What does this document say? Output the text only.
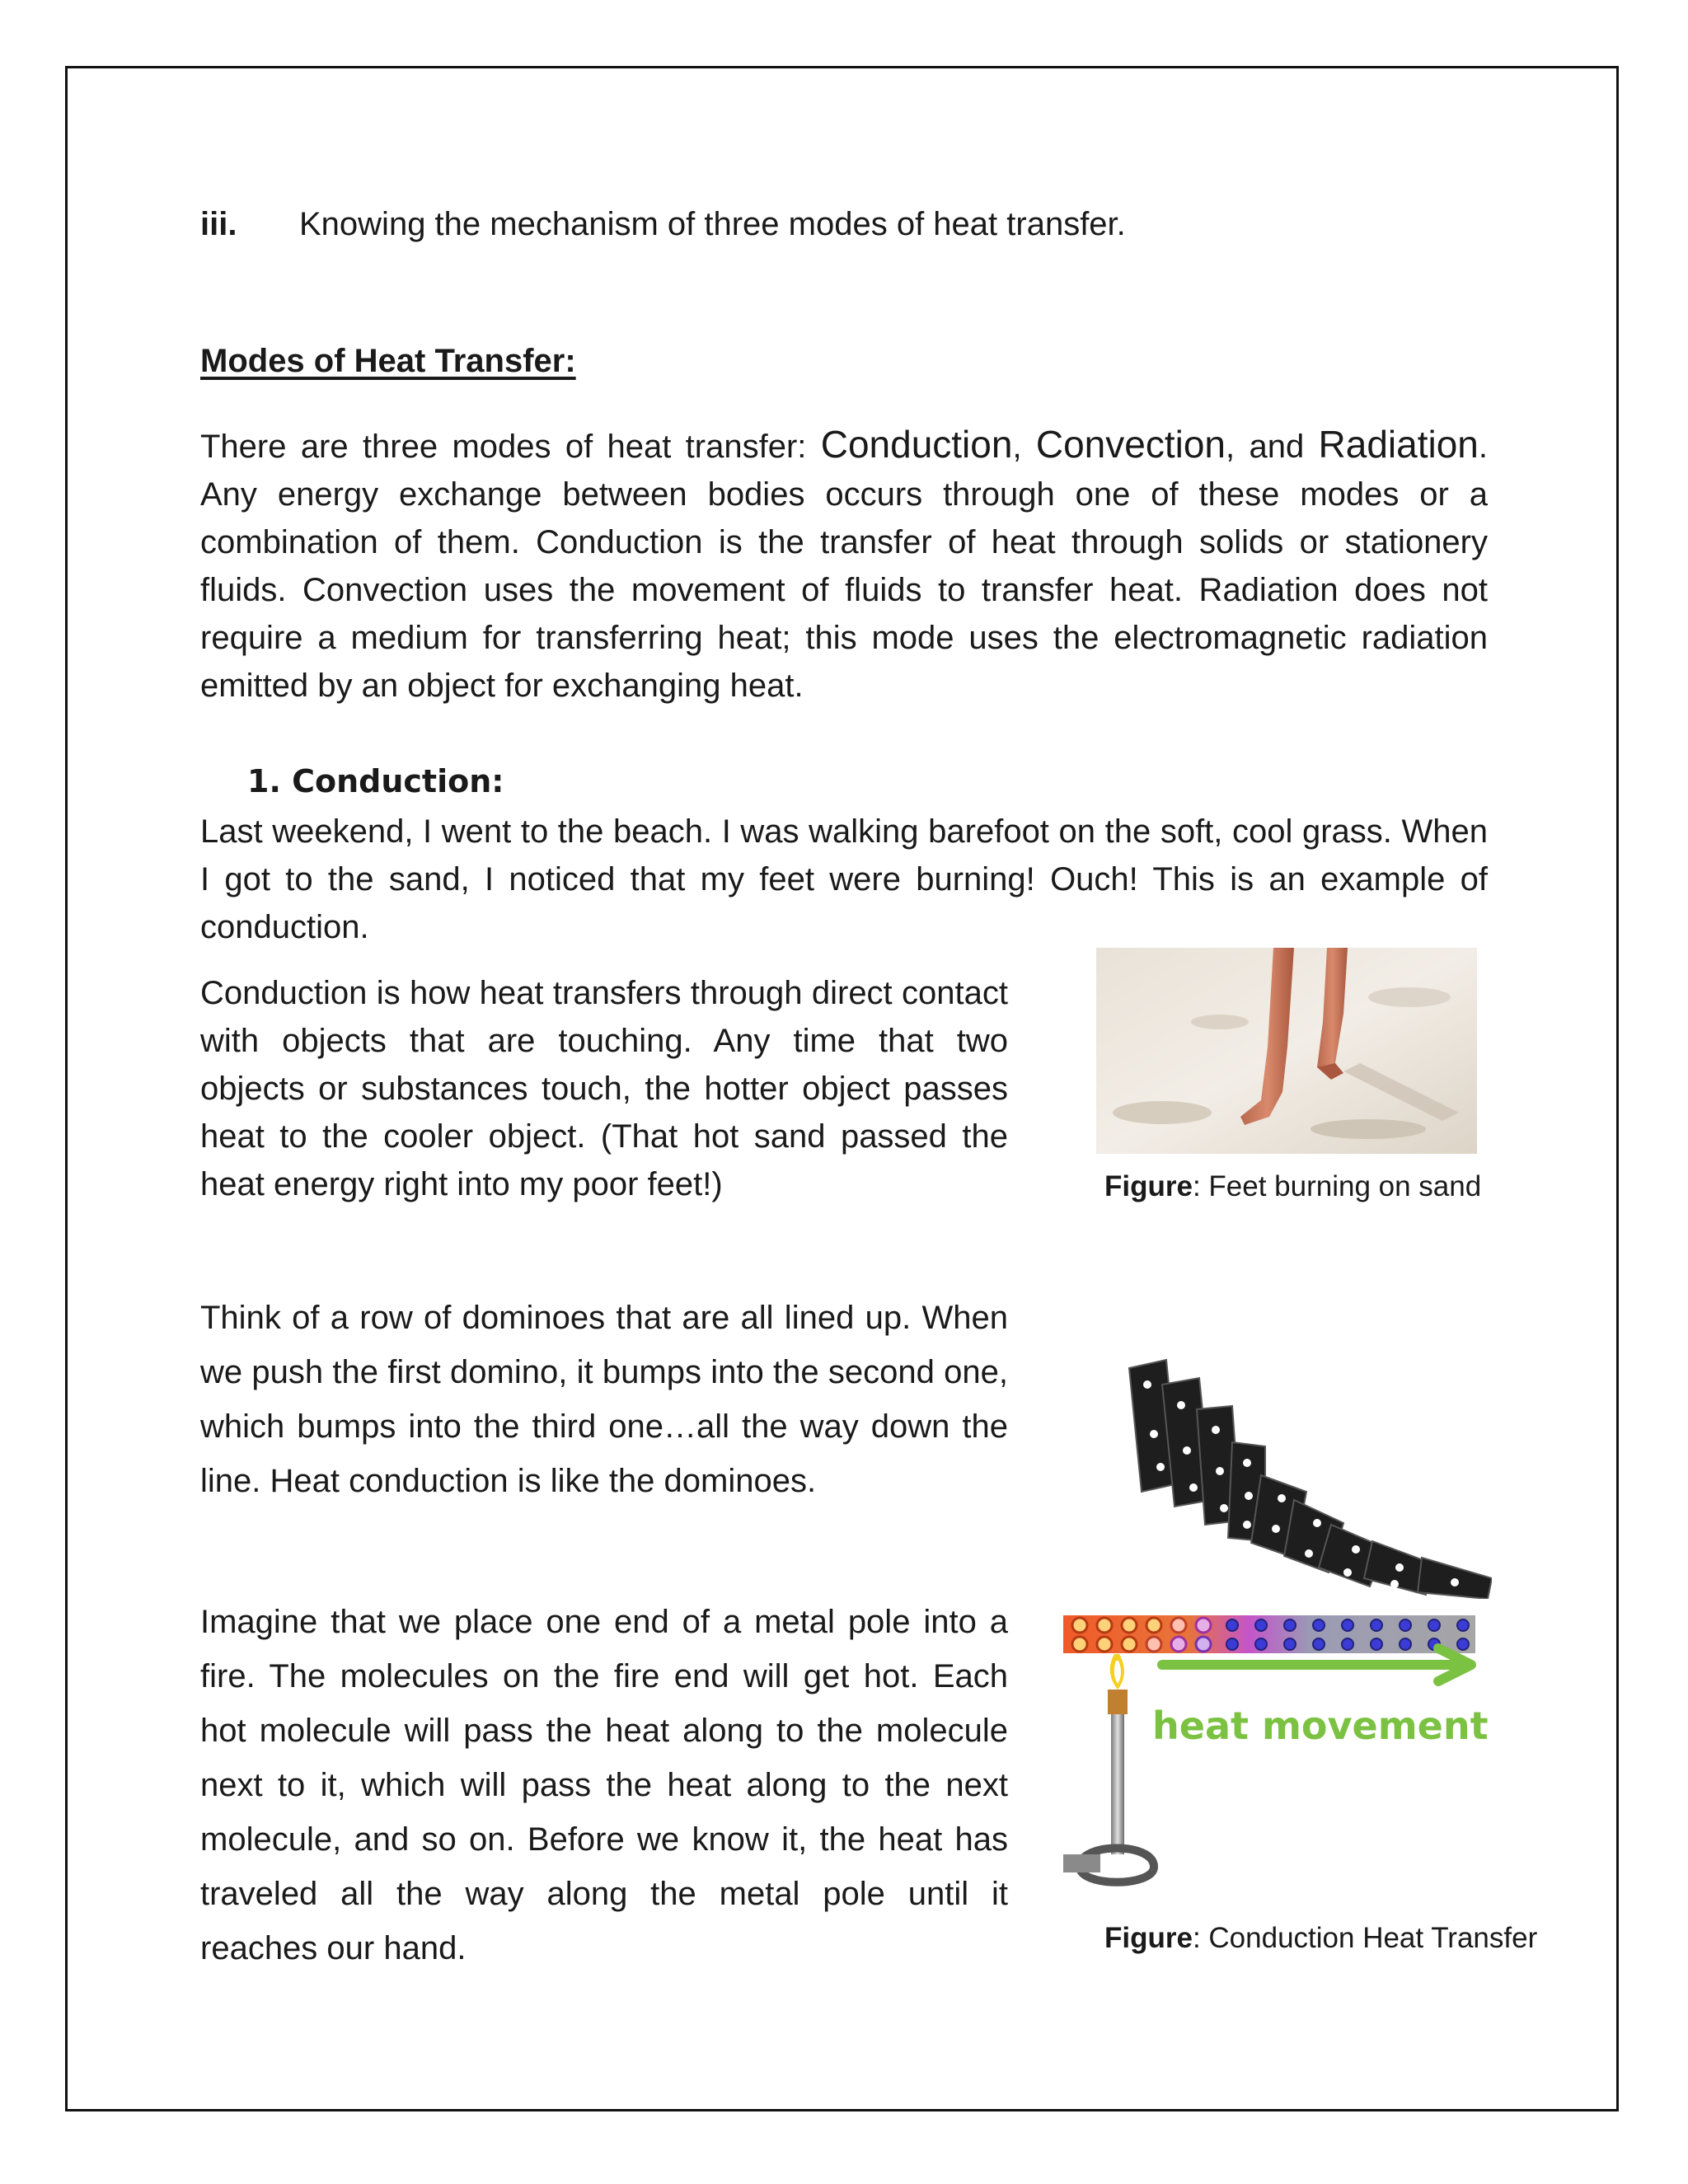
iii. Knowing the mechanism of three modes of heat transfer.
Modes of Heat Transfer:
There are three modes of heat transfer: Conduction, Convection, and Radiation. Any energy exchange between bodies occurs through one of these modes or a combination of them. Conduction is the transfer of heat through solids or stationery fluids. Convection uses the movement of fluids to transfer heat. Radiation does not require a medium for transferring heat; this mode uses the electromagnetic radiation emitted by an object for exchanging heat.
1. Conduction:
Last weekend, I went to the beach. I was walking barefoot on the soft, cool grass. When I got to the sand, I noticed that my feet were burning! Ouch! This is an example of conduction.
Conduction is how heat transfers through direct contact with objects that are touching. Any time that two objects or substances touch, the hotter object passes heat to the cooler object. (That hot sand passed the heat energy right into my poor feet!)
Think of a row of dominoes that are all lined up. When we push the first domino, it bumps into the second one, which bumps into the third one…all the way down the line. Heat conduction is like the dominoes.
Imagine that we place one end of a metal pole into a fire. The molecules on the fire end will get hot. Each hot molecule will pass the heat along to the molecule next to it, which will pass the heat along to the next molecule, and so on. Before we know it, the heat has traveled all the way along the metal pole until it reaches our hand.
Figure: Feet burning on sand
heat movement
Figure: Conduction Heat Transfer
